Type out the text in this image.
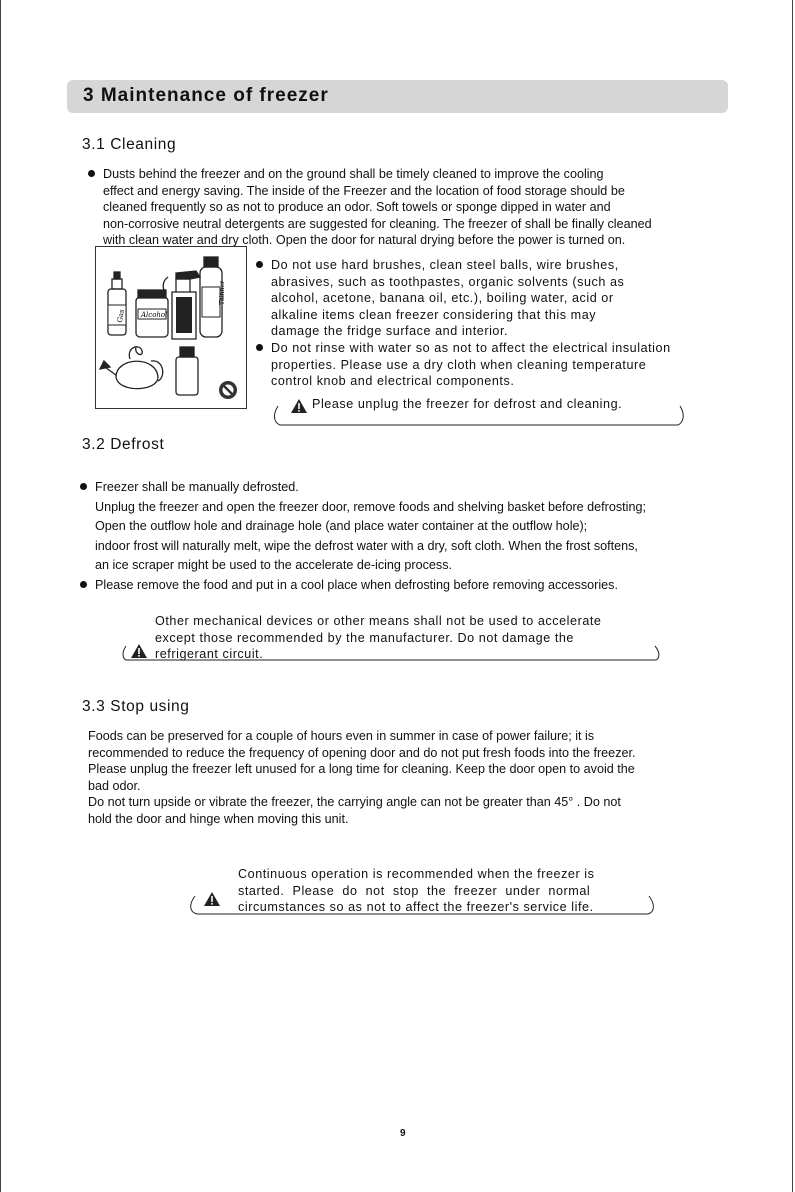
3 Maintenance of freezer
3.1 Cleaning

Dusts behind the freezer and on the ground shall be timely cleaned to improve the cooling

effect and energy saving. The inside of the Freezer and the location of food storage should be

cleaned frequently so as not to produce an odor. Soft towels or sponge dipped in water and

non-corrosive neutral detergents are suggested for cleaning. The freezer of shall be finally cleaned

with clean water and dry cloth. Open the door for natural drying before the power is turned on.

Gas Alcohol
Thinner

Do not use hard brushes, clean steel balls, wire brushes,

abrasives, such as toothpastes, organic solvents (such as

alcohol, acetone, banana oil, etc.), boiling water, acid or

alkaline items clean freezer considering that this may

damage the fridge surface and interior.

Do not rinse with water so as not to affect the electrical insulation

properties. Please use a dry cloth when cleaning temperature

control knob and electrical components.

Please unplug the freezer for defrost and cleaning.
3.2 Defrost

Freezer shall be manually defrosted.

Unplug the freezer and open the freezer door, remove foods and shelving basket before defrosting;

Open the outflow hole and drainage hole (and place water container at the outflow hole);

indoor frost will naturally melt, wipe the defrost water with a dry, soft cloth. When the frost softens,

an ice scraper might be used to the accelerate de-icing process.

Please remove the food and put in a cool place when defrosting before removing accessories.

Other mechanical devices or other means shall not be used to accelerate
except those recommended by the manufacturer. Do not damage the
refrigerant circuit.
3.3 Stop using

Foods can be preserved for a couple of hours even in summer in case of power failure; it is

recommended to reduce the frequency of opening door and do not put fresh foods into the freezer.

Please unplug the freezer left unused for a long time for cleaning. Keep the door open to avoid the

bad odor.

Do not turn upside or vibrate the freezer, the carrying angle can not be greater than 45° . Do not

hold the door and hinge when moving this unit.

Continuous operation is recommended when the freezer is
started.  Please  do  not  stop  the  freezer  under  normal
circumstances so as not to affect the freezer's service life.
9
